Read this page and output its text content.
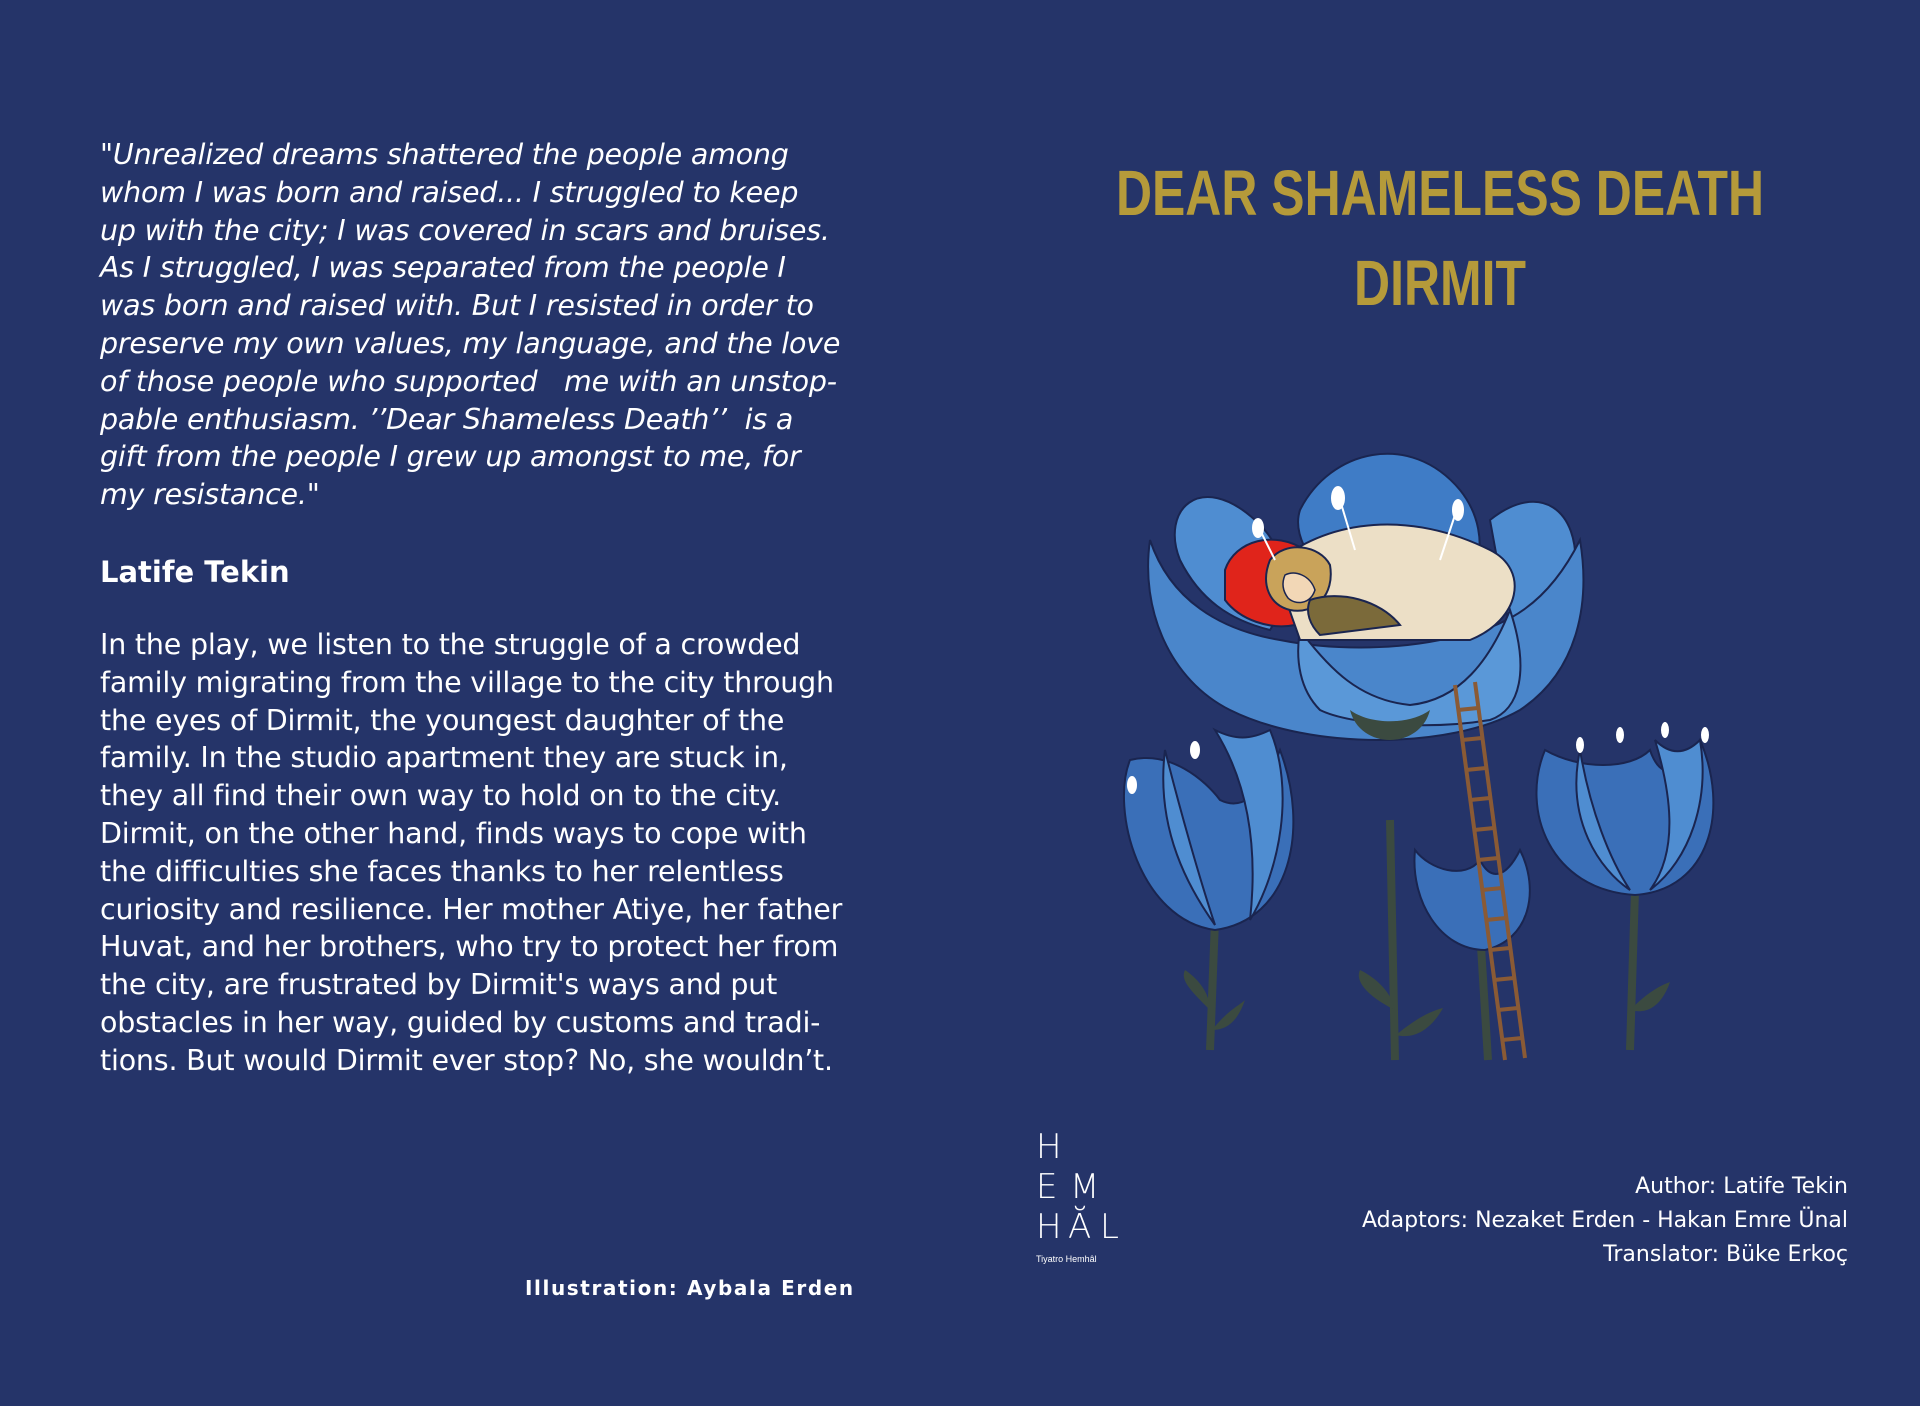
"Unrealized dreams shattered the people among
whom I was born and raised... I struggled to keep
up with the city; I was covered in scars and bruises.
As I struggled, I was separated from the people I
was born and raised with. But I resisted in order to
preserve my own values, my language, and the love
of those people who supported   me with an unstop-
pable enthusiasm. ’’Dear Shameless Death’’  is a
gift from the people I grew up amongst to me, for
my resistance."

Latife Tekin

In the play, we listen to the struggle of a crowded
family migrating from the village to the city through
the eyes of Dirmit, the youngest daughter of the
family. In the studio apartment they are stuck in,
they all find their own way to hold on to the city.
Dirmit, on the other hand, finds ways to cope with
the difficulties she faces thanks to her relentless
curiosity and resilience. Her mother Atiye, her father
Huvat, and her brothers, who try to protect her from
the city, are frustrated by Dirmit's ways and put
obstacles in her way, guided by customs and tradi-
tions. But would Dirmit ever stop? No, she wouldn’t.

Illustration: Aybala Erden

DEAR SHAMELESS DEATH
DIRMIT
H
E M
H Ă L
Tiyatro Hemhâl
Author: Latife Tekin
Adaptors: Nezaket Erden - Hakan Emre Ünal
Translator: Büke Erkoç
